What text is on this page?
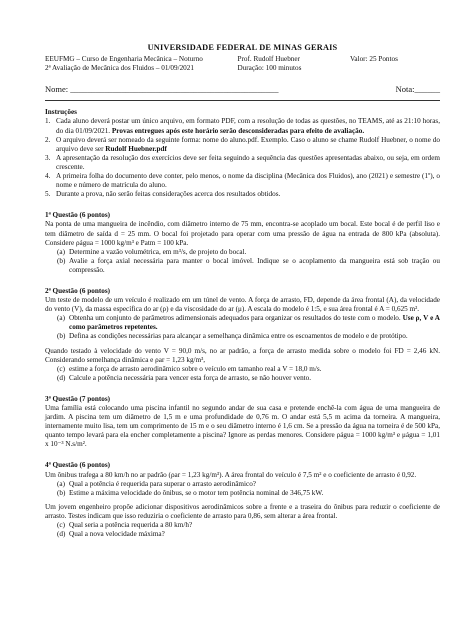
UNIVERSIDADE FEDERAL DE MINAS GERAIS
EEUFMG – Curso de Engenharia Mecânica – Noturno	Prof. Rudolf Huebner	Valor: 25 Pontos
2ª Avaliação de Mecânica dos Fluidos – 01/09/2021	Duração: 100 minutos
Nome: _________________________________________________	Nota:______
Instruções
1. Cada aluno deverá postar um único arquivo, em formato PDF, com a resolução de todas as questões, no TEAMS, até as 21:10 horas, do dia 01/09/2021. Provas entregues após este horário serão desconsideradas para efeito de avaliação.
2. O arquivo deverá ser nomeado da seguinte forma: nome do aluno.pdf. Exemplo. Caso o aluno se chame Rudolf Huebner, o nome do arquivo deve ser Rudolf Huebner.pdf
3. A apresentação da resolução dos exercícios deve ser feita seguindo a sequência das questões apresentadas abaixo, ou seja, em ordem crescente.
4. A primeira folha do documento deve conter, pelo menos, o nome da disciplina (Mecânica dos Fluidos), ano (2021) e semestre (1º), o nome e número de matrícula do aluno.
5. Durante a prova, não serão feitas considerações acerca dos resultados obtidos.
1ª Questão (6 pontos)

Na ponta de uma mangueira de incêndio, com diâmetro interno de 75 mm, encontra-se acoplado um bocal. Este bocal é de perfil liso e tem diâmetro de saída d = 25 mm. O bocal foi projetado para operar com uma pressão de água na entrada de 800 kPa (absoluta). Considere ρágua = 1000 kg/m³ e Patm = 100 kPa.

(a) Determine a vazão volumétrica, em m³/s, de projeto do bocal.
(b) Avalie a força axial necessária para manter o bocal imóvel. Indique se o acoplamento da mangueira está sob tração ou compressão.
2ª Questão (6 pontos)

Um teste de modelo de um veículo é realizado em um túnel de vento. A força de arrasto, FD, depende da área frontal (A), da velocidade do vento (V), da massa específica do ar (ρ) e da viscosidade do ar (μ). A escala do modelo é 1:5, e sua área frontal é A = 0,625 m².

(a) Obtenha um conjunto de parâmetros adimensionais adequados para organizar os resultados do teste com o modelo. Use ρ, V e A como parâmetros repetentes.
(b) Defina as condições necessárias para alcançar a semelhança dinâmica entre os escoamentos de modelo e de protótipo.

Quando testado à velocidade do vento V = 90,0 m/s, no ar padrão, a força de arrasto medida sobre o modelo foi FD = 2,46 kN. Considerando semelhança dinâmica e ρar = 1,23 kg/m³,

(c) estime a força de arrasto aerodinâmico sobre o veículo em tamanho real a V = 18,0 m/s.
(d) Calcule a potência necessária para vencer esta força de arrasto, se não houver vento.
3ª Questão (7 pontos)

Uma família está colocando uma piscina infantil no segundo andar de sua casa e pretende enchê-la com água de uma mangueira de jardim. A piscina tem um diâmetro de 1,5 m e uma profundidade de 0,76 m. O andar está 5,5 m acima da torneira. A mangueira, internamente muito lisa, tem um comprimento de 15 m e o seu diâmetro interno é 1,6 cm. Se a pressão da água na torneira é de 500 kPa, quanto tempo levará para ela encher completamente a piscina? Ignore as perdas menores. Considere ρágua = 1000 kg/m³ e μágua = 1,01 x 10⁻³ N.s/m².

4ª Questão (6 pontos)

Um ônibus trafega a 80 km/h no ar padrão (ρar = 1,23 kg/m³). A área frontal do veículo é 7,5 m² e o coeficiente de arrasto é 0,92.

(a) Qual a potência é requerida para superar o arrasto aerodinâmico?
(b) Estime a máxima velocidade do ônibus, se o motor tem potência nominal de 346,75 kW.

Um jovem engenheiro propõe adicionar dispositivos aerodinâmicos sobre a frente e a traseira do ônibus para reduzir o coeficiente de arrasto. Testes indicam que isso reduziria o coeficiente de arrasto para 0,86, sem alterar a área frontal.

(c) Qual seria a potência requerida a 80 km/h?
(d) Qual a nova velocidade máxima?
